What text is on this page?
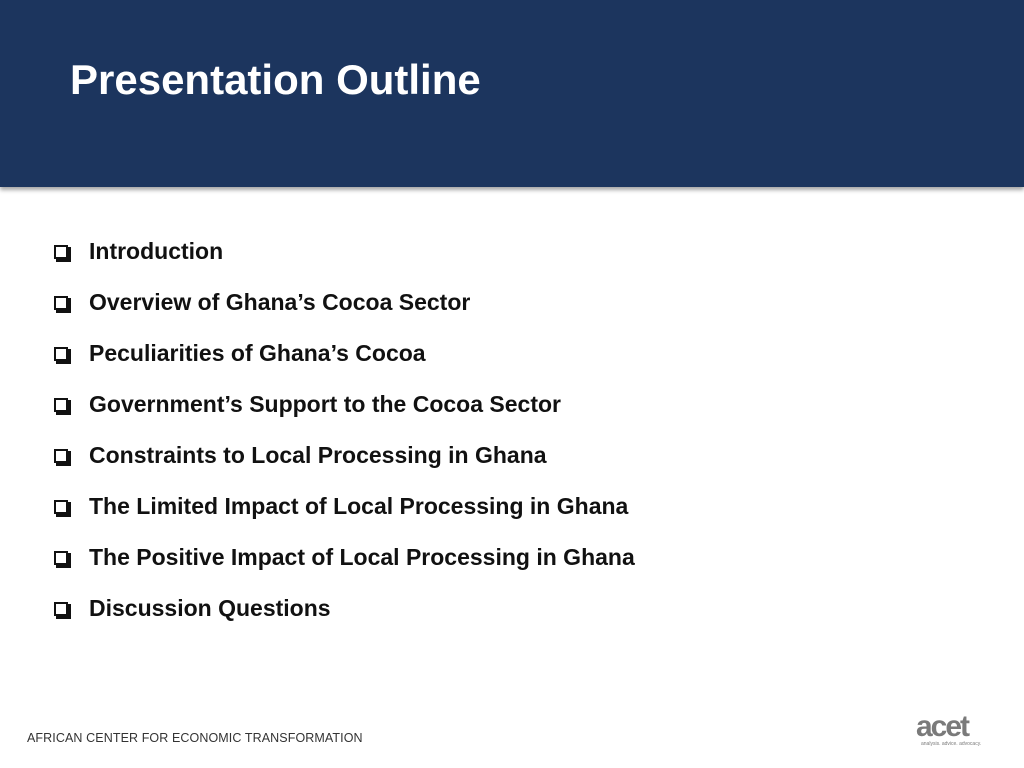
Presentation Outline
Introduction
Overview of Ghana’s Cocoa Sector
Peculiarities of Ghana’s Cocoa
Government’s Support to the Cocoa Sector
Constraints to Local Processing in Ghana
The Limited Impact of Local Processing in Ghana
The Positive Impact of Local Processing in Ghana
Discussion Questions
AFRICAN CENTER FOR ECONOMIC TRANSFORMATION	acet
analysis. advice. advocacy.
